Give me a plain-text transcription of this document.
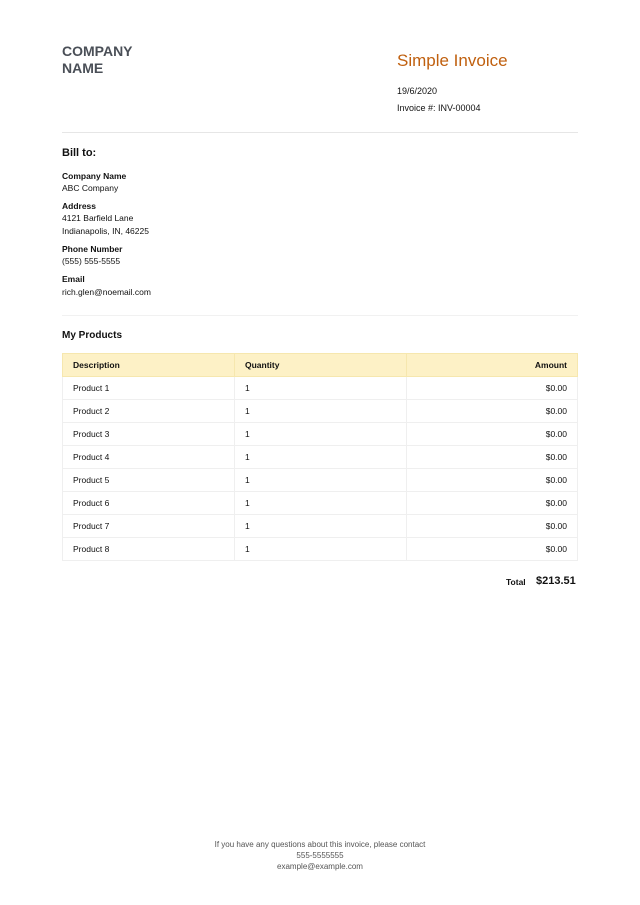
COMPANY NAME	Simple Invoice
19/6/2020
Invoice #: INV-00004
Bill to:
Company Name
ABC Company
Address
4121 Barfield Lane
Indianapolis, IN, 46225
Phone Number
(555) 555-5555
Email
rich.glen@noemail.com
My Products
Description	Quantity	Amount
Product 1	1	$0.00
Product 2	1	$0.00
Product 3	1	$0.00
Product 4	1	$0.00
Product 5	1	$0.00
Product 6	1	$0.00
Product 7	1	$0.00
Product 8	1	$0.00
Total $213.51
If you have any questions about this invoice, please contact
555-5555555
example@example.com
